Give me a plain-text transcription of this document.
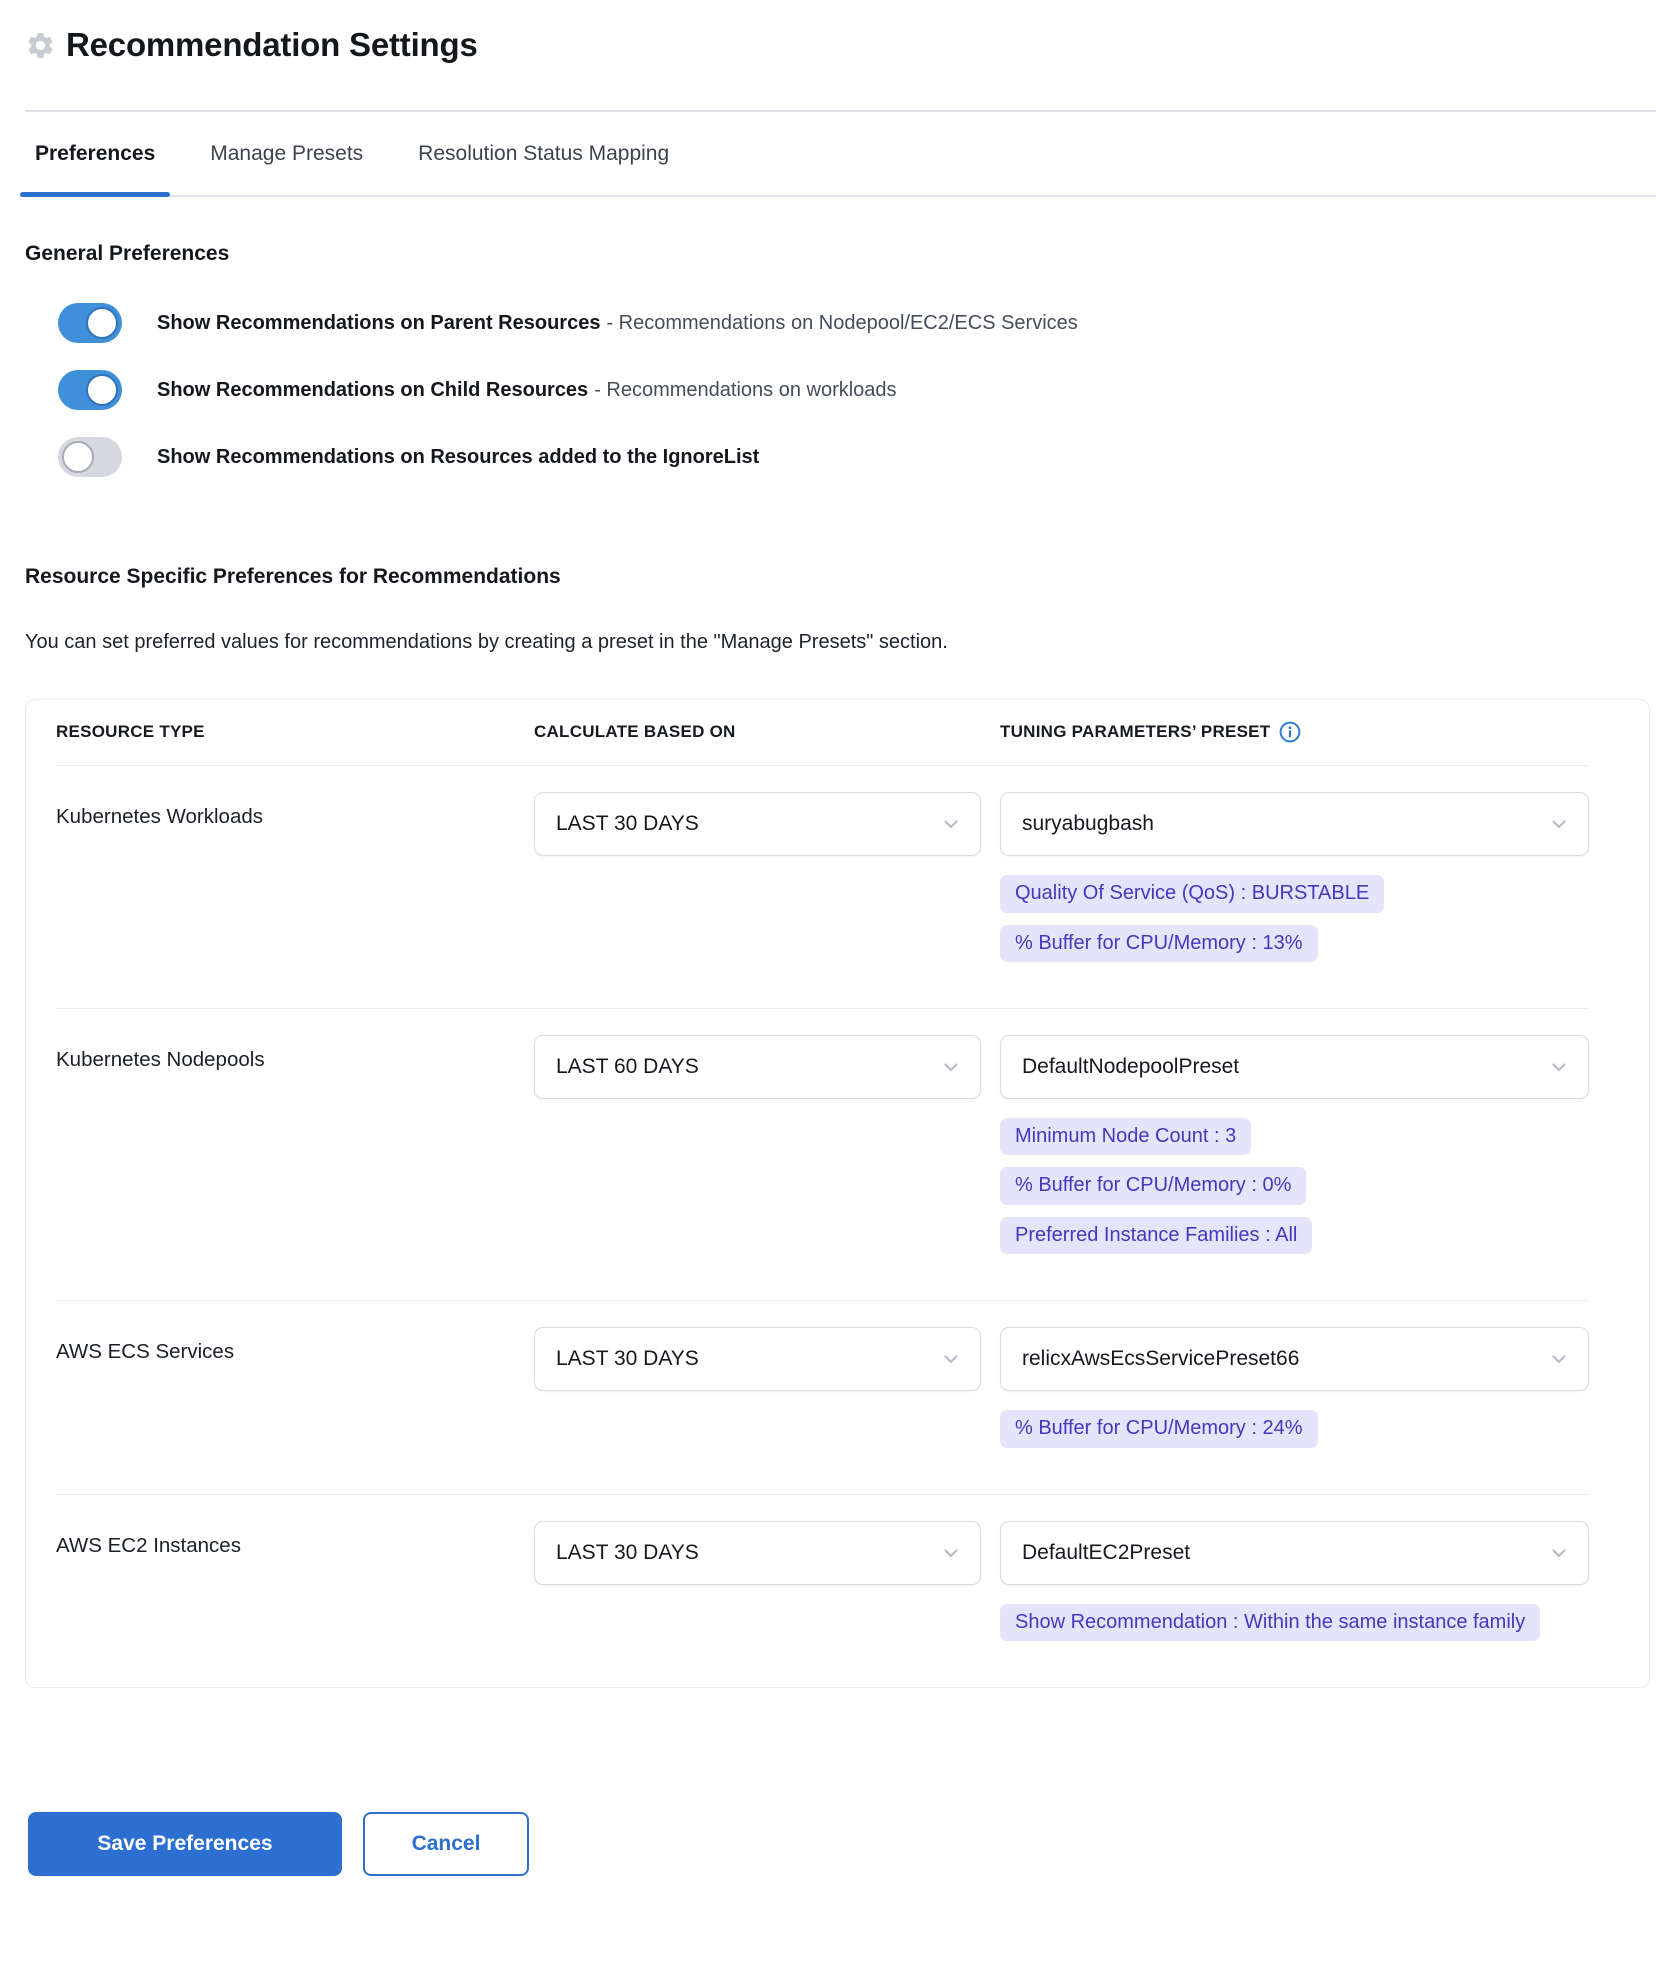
Recommendation Settings
Preferences	Manage Presets	Resolution Status Mapping
General Preferences
Show Recommendations on Parent Resources - Recommendations on Nodepool/EC2/ECS Services
Show Recommendations on Child Resources - Recommendations on workloads
Show Recommendations on Resources added to the IgnoreList
Resource Specific Preferences for Recommendations
You can set preferred values for recommendations by creating a preset in the "Manage Presets" section.
RESOURCE TYPE	CALCULATE BASED ON	TUNING PARAMETERS’ PRESET
Kubernetes Workloads	LAST 30 DAYS	suryabugbash
Quality Of Service (QoS) : BURSTABLE
% Buffer for CPU/Memory : 13%
Kubernetes Nodepools	LAST 60 DAYS	DefaultNodepoolPreset
Minimum Node Count : 3
% Buffer for CPU/Memory : 0%
Preferred Instance Families : All
AWS ECS Services	LAST 30 DAYS	relicxAwsEcsServicePreset66
% Buffer for CPU/Memory : 24%
AWS EC2 Instances	LAST 30 DAYS	DefaultEC2Preset
Show Recommendation : Within the same instance family
Save Preferences	Cancel
